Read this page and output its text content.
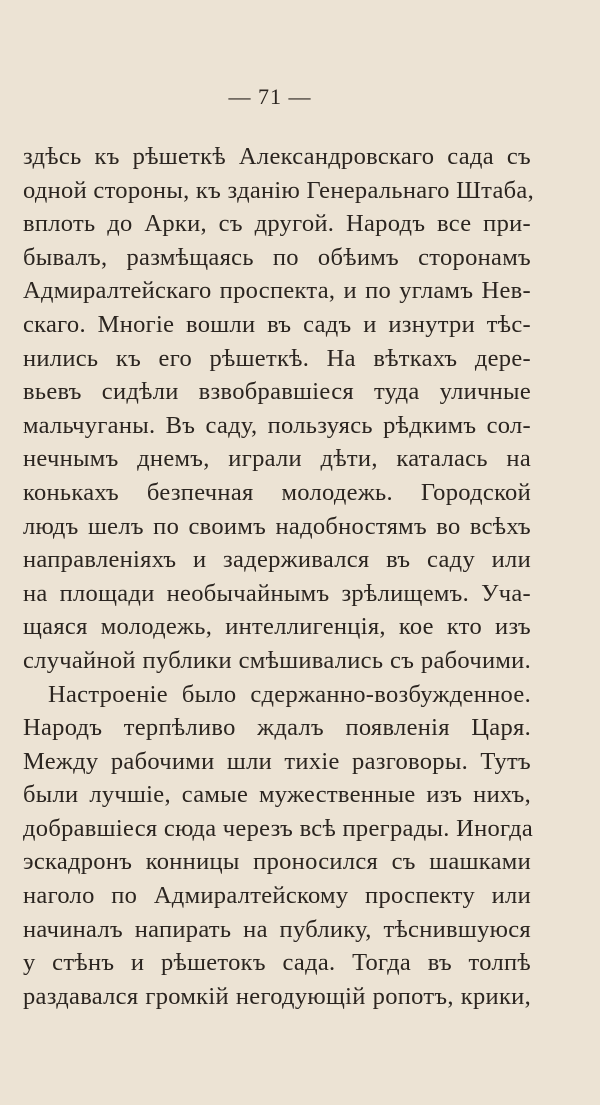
— 71 —
здѣсь къ рѣшеткѣ Александровскаго сада съ
одной стороны, къ зданію Генеральнаго Штаба,
вплоть до Арки, съ другой. Народъ все при-
бывалъ, размѣщаясь по обѣимъ сторонамъ
Адмиралтейскаго проспекта, и по угламъ Нев-
скаго. Многіе вошли въ садъ и изнутри тѣс-
нились къ его рѣшеткѣ. На вѣткахъ дере-
вьевъ сидѣли взвобравшіеся туда уличные
мальчуганы. Въ саду, пользуясь рѣдкимъ сол-
нечнымъ днемъ, играли дѣти, каталась на
конькахъ безпечная молодежь. Городской
людъ шелъ по своимъ надобностямъ во всѣхъ
направленіяхъ и задерживался въ саду или
на площади необычайнымъ зрѣлищемъ. Уча-
щаяся молодежь, интеллигенція, кое кто изъ
случайной публики смѣшивались съ рабочими.
Настроеніе было сдержанно-возбужденное.
Народъ терпѣливо ждалъ появленія Царя.
Между рабочими шли тихіе разговоры. Тутъ
были лучшіе, самые мужественные изъ нихъ,
добравшіеся сюда черезъ всѣ преграды. Иногда
эскадронъ конницы проносился съ шашками
наголо по Адмиралтейскому проспекту или
начиналъ напирать на публику, тѣснившуюся
у стѣнъ и рѣшетокъ сада. Тогда въ толпѣ
раздавался громкій негодующій ропотъ, крики,
